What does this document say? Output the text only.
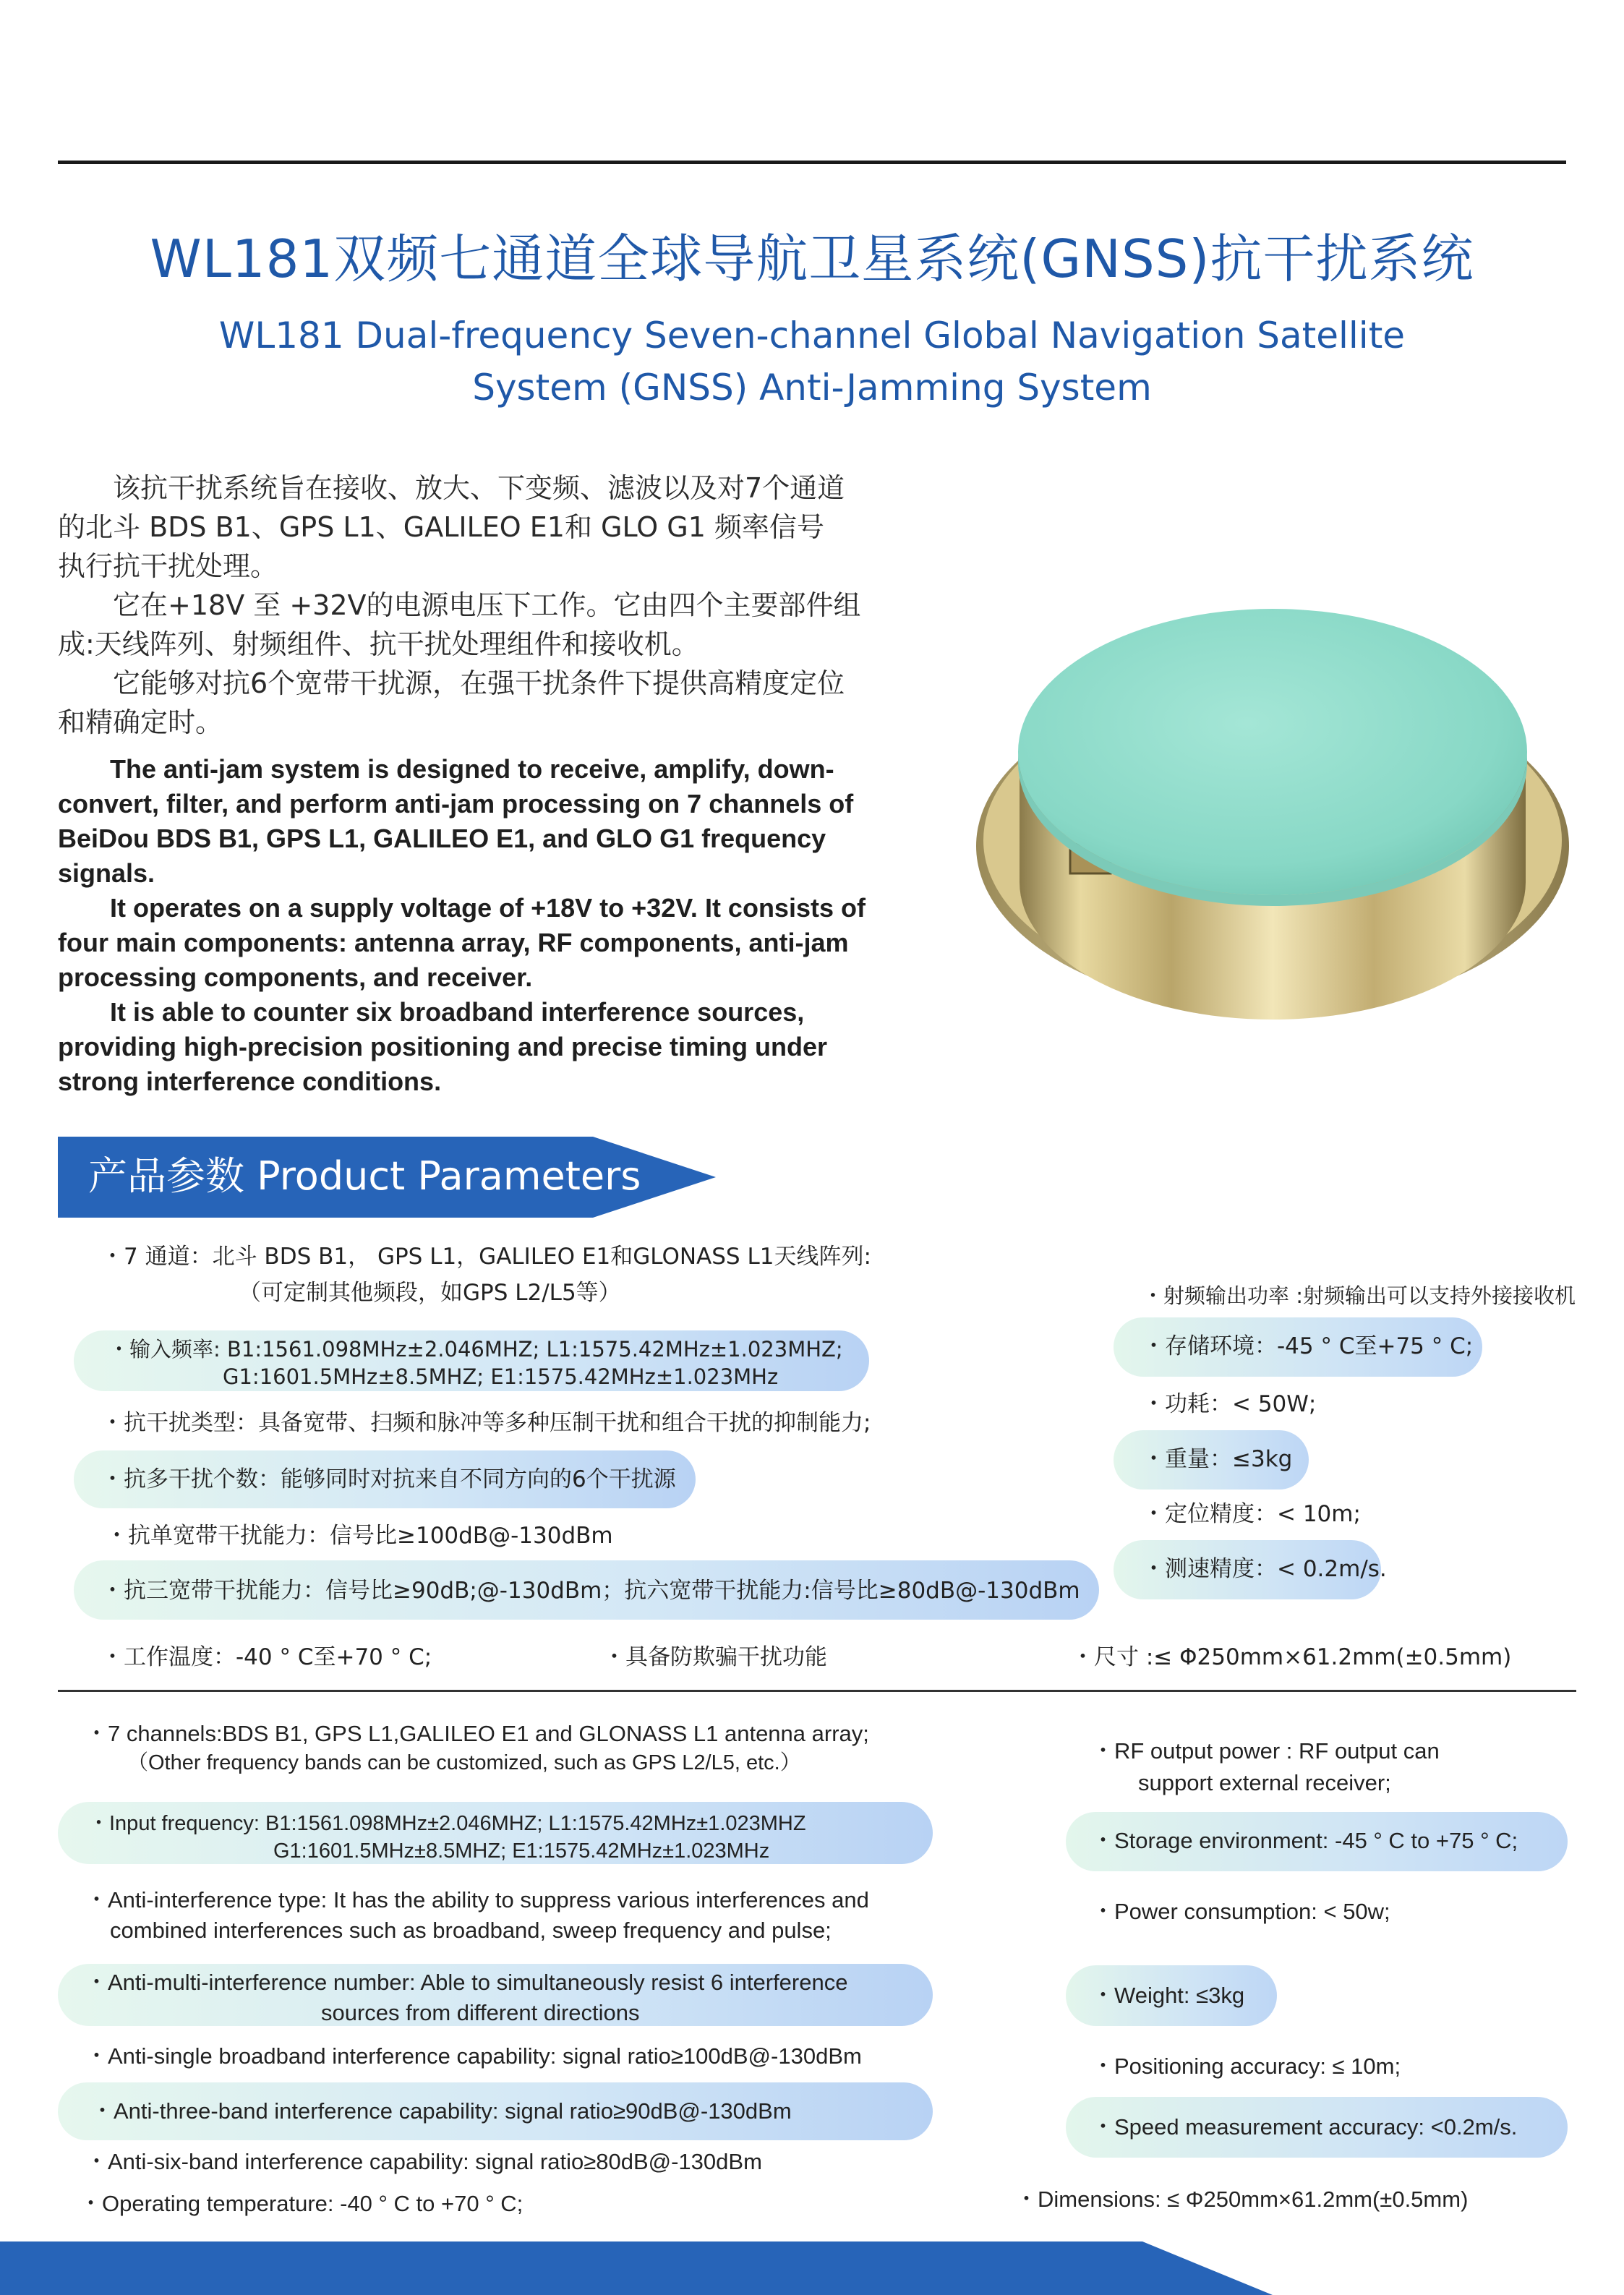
WL181双频七通道全球导航卫星系统(GNSS)抗干扰系统
WL181 Dual-frequency Seven-channel Global Navigation Satellite
System (GNSS) Anti-Jamming System

该抗干扰系统旨在接收、放大、下变频、滤波以及对7个通道

的北斗 BDS B1、GPS L1、GALILEO E1和 GLO G1 频率信号

执行抗干扰处理。

它在+18V 至 +32V的电源电压下工作。它由四个主要部件组

成:天线阵列、射频组件、抗干扰处理组件和接收机。

它能够对抗6个宽带干扰源，在强干扰条件下提供高精度定位

和精确定时。

The anti-jam system is designed to receive, amplify, down-convert, filter, and perform anti-jam processing on 7 channels of BeiDou BDS B1, GPS L1, GALILEO E1, and GLO G1 frequency signals.

It operates on a supply voltage of +18V to +32V. It consists of four main components: antenna array, RF components, anti-jam processing components, and receiver.

It is able to counter six broadband interference sources, providing high-precision positioning and precise timing under strong interference conditions.

产品参数 Product Parameters
・7 通道：北斗 BDS B1， GPS L1，GALILEO E1和GLONASS L1天线阵列:
（可定制其他频段，如GPS L2/L5等）
・输入频率: B1:1561.098MHz±2.046MHZ; L1:1575.42MHz±1.023MHZ;
G1:1601.5MHz±8.5MHZ; E1:1575.42MHz±1.023MHz
・抗干扰类型：具备宽带、扫频和脉冲等多种压制干扰和组合干扰的抑制能力;
・抗多干扰个数：能够同时对抗来自不同方向的6个干扰源
・抗单宽带干扰能力：信号比≥100dB@-130dBm
・抗三宽带干扰能力：信号比≥90dB;@-130dBm；抗六宽带干扰能力:信号比≥80dB@-130dBm
・工作温度：-40 ° C至+70 ° C;	・具备防欺骗干扰功能	・尺寸 :≤ Φ250mm×61.2mm(±0.5mm)
・射频输出功率 :射频输出可以支持外接接收机
・存储环境：-45 ° C至+75 ° C;
・功耗：< 50W;
・重量：≤3kg
・定位精度：< 10m;
・测速精度：< 0.2m/s.
・7 channels:BDS B1, GPS L1,GALILEO E1 and GLONASS L1 antenna array;
（Other frequency bands can be customized, such as GPS L2/L5, etc.）
・Input frequency: B1:1561.098MHz±2.046MHZ; L1:1575.42MHz±1.023MHZ
G1:1601.5MHz±8.5MHZ; E1:1575.42MHz±1.023MHz
・Anti-interference type: It has the ability to suppress various interferences and
combined interferences such as broadband, sweep frequency and pulse;
・Anti-multi-interference number: Able to simultaneously resist 6 interference
sources from different directions
・Anti-single broadband interference capability: signal ratio≥100dB@-130dBm
・Anti-three-band interference capability: signal ratio≥90dB@-130dBm
・Anti-six-band interference capability: signal ratio≥80dB@-130dBm
・Operating temperature: -40 ° C to +70 ° C;
・RF output power : RF output can
support external receiver;
・Storage environment: -45 ° C to +75 ° C;
・Power consumption: < 50w;
・Weight: ≤3kg
・Positioning accuracy: ≤ 10m;
・Speed measurement accuracy: <0.2m/s.
・Dimensions: ≤ Φ250mm×61.2mm(±0.5mm)
